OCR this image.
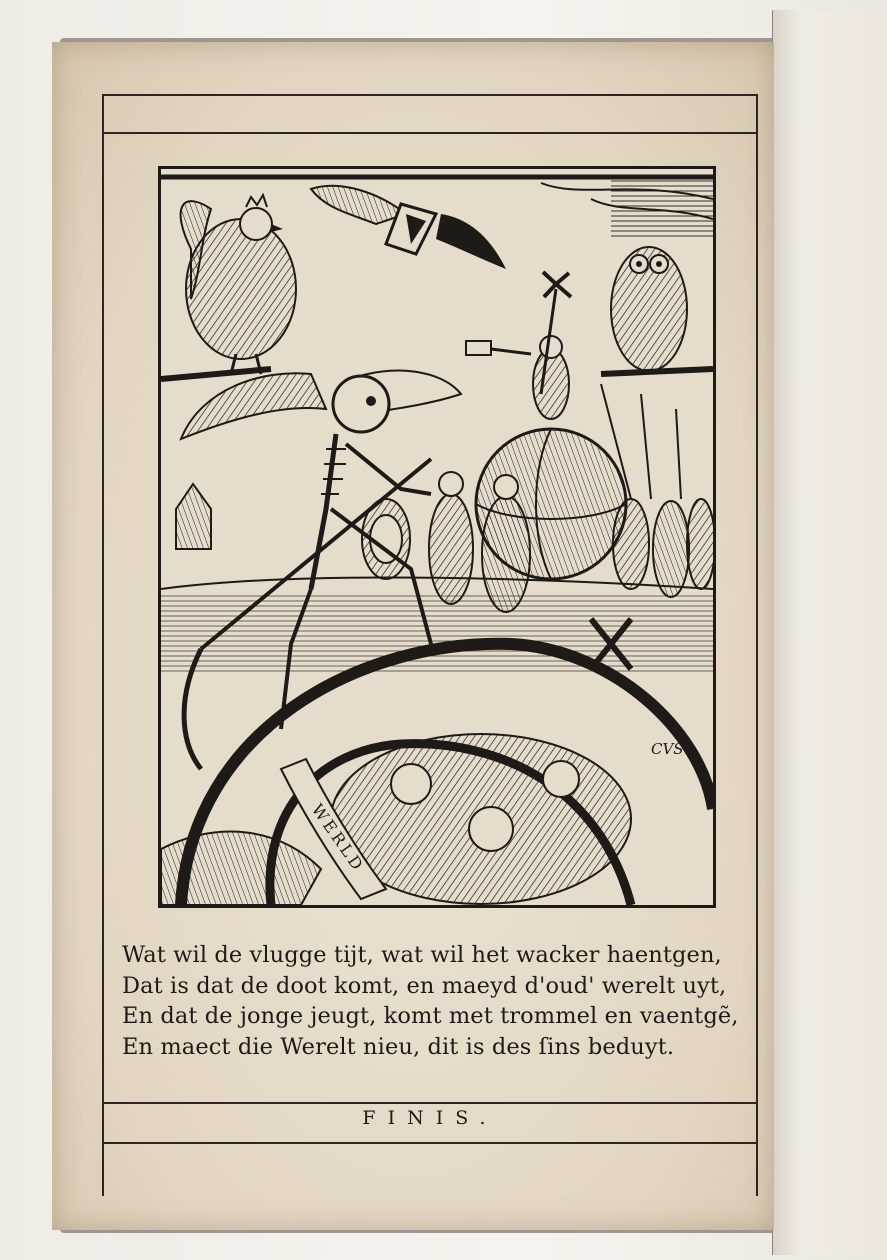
WERLD
CVS
Wat wil de vlugge tijt, wat wil het wacker haentgen,
Dat is dat de doot komt, en maeyd d'oud' werelt uyt,
En dat de jonge jeugt, komt met trommel en vaentgẽ,
En maect die Werelt nieu, dit is des ſins beduyt.
FINIS.
